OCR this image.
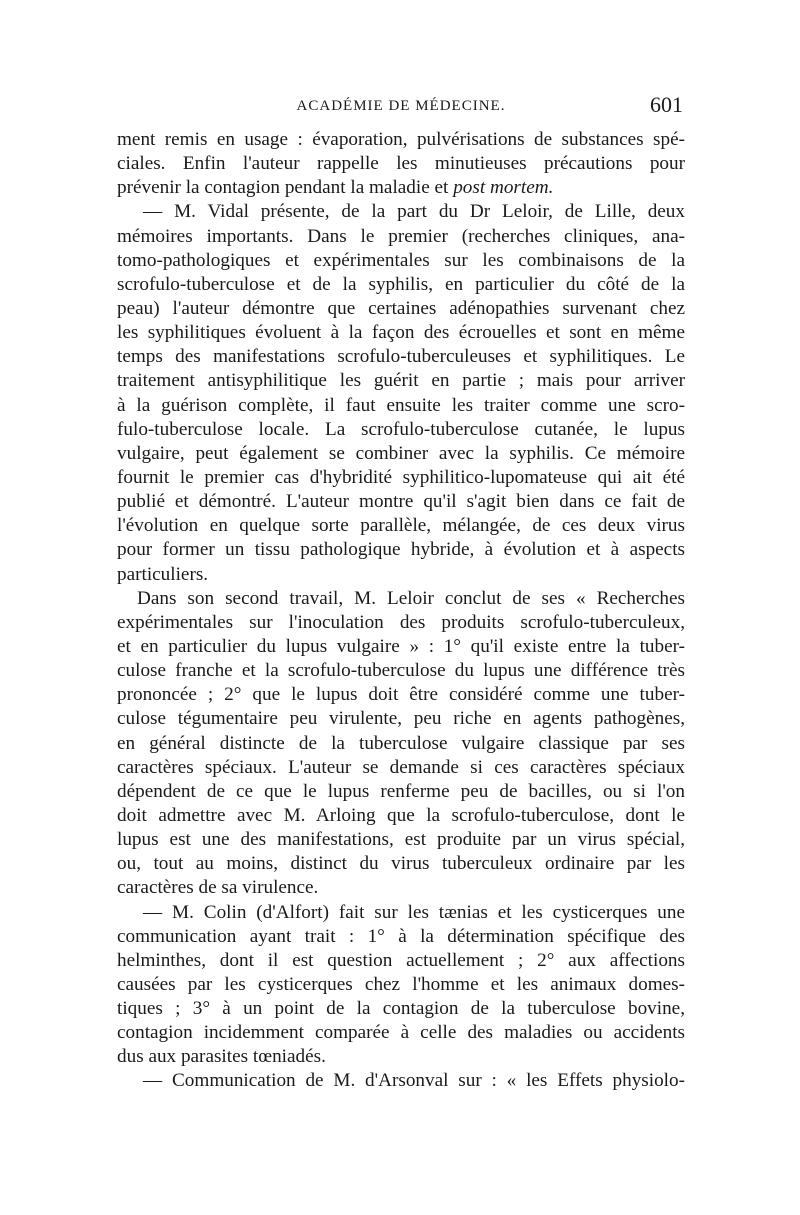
ACADÉMIE DE MÉDECINE.	601
ment remis en usage : évaporation, pulvérisations de substances spé-
ciales. Enfin l'auteur rappelle les minutieuses précautions pour
prévenir la contagion pendant la maladie et post mortem.
— M. Vidal présente, de la part du Dr Leloir, de Lille, deux
mémoires importants. Dans le premier (recherches cliniques, ana-
tomo-pathologiques et expérimentales sur les combinaisons de la
scrofulo-tuberculose et de la syphilis, en particulier du côté de la
peau) l'auteur démontre que certaines adénopathies survenant chez
les syphilitiques évoluent à la façon des écrouelles et sont en même
temps des manifestations scrofulo-tuberculeuses et syphilitiques. Le
traitement antisyphilitique les guérit en partie ; mais pour arriver
à la guérison complète, il faut ensuite les traiter comme une scro-
fulo-tuberculose locale. La scrofulo-tuberculose cutanée, le lupus
vulgaire, peut également se combiner avec la syphilis. Ce mémoire
fournit le premier cas d'hybridité syphilitico-lupomateuse qui ait été
publié et démontré. L'auteur montre qu'il s'agit bien dans ce fait de
l'évolution en quelque sorte parallèle, mélangée, de ces deux virus
pour former un tissu pathologique hybride, à évolution et à aspects
particuliers.
Dans son second travail, M. Leloir conclut de ses « Recherches
expérimentales sur l'inoculation des produits scrofulo-tuberculeux,
et en particulier du lupus vulgaire » : 1° qu'il existe entre la tuber-
culose franche et la scrofulo-tuberculose du lupus une différence très
prononcée ; 2° que le lupus doit être considéré comme une tuber-
culose tégumentaire peu virulente, peu riche en agents pathogènes,
en général distincte de la tuberculose vulgaire classique par ses
caractères spéciaux. L'auteur se demande si ces caractères spéciaux
dépendent de ce que le lupus renferme peu de bacilles, ou si l'on
doit admettre avec M. Arloing que la scrofulo-tuberculose, dont le
lupus est une des manifestations, est produite par un virus spécial,
ou, tout au moins, distinct du virus tuberculeux ordinaire par les
caractères de sa virulence.
— M. Colin (d'Alfort) fait sur les tænias et les cysticerques une
communication ayant trait : 1° à la détermination spécifique des
helminthes, dont il est question actuellement ; 2° aux affections
causées par les cysticerques chez l'homme et les animaux domes-
tiques ; 3° à un point de la contagion de la tuberculose bovine,
contagion incidemment comparée à celle des maladies ou accidents
dus aux parasites tœniadés.
— Communication de M. d'Arsonval sur : « les Effets physiolo-
